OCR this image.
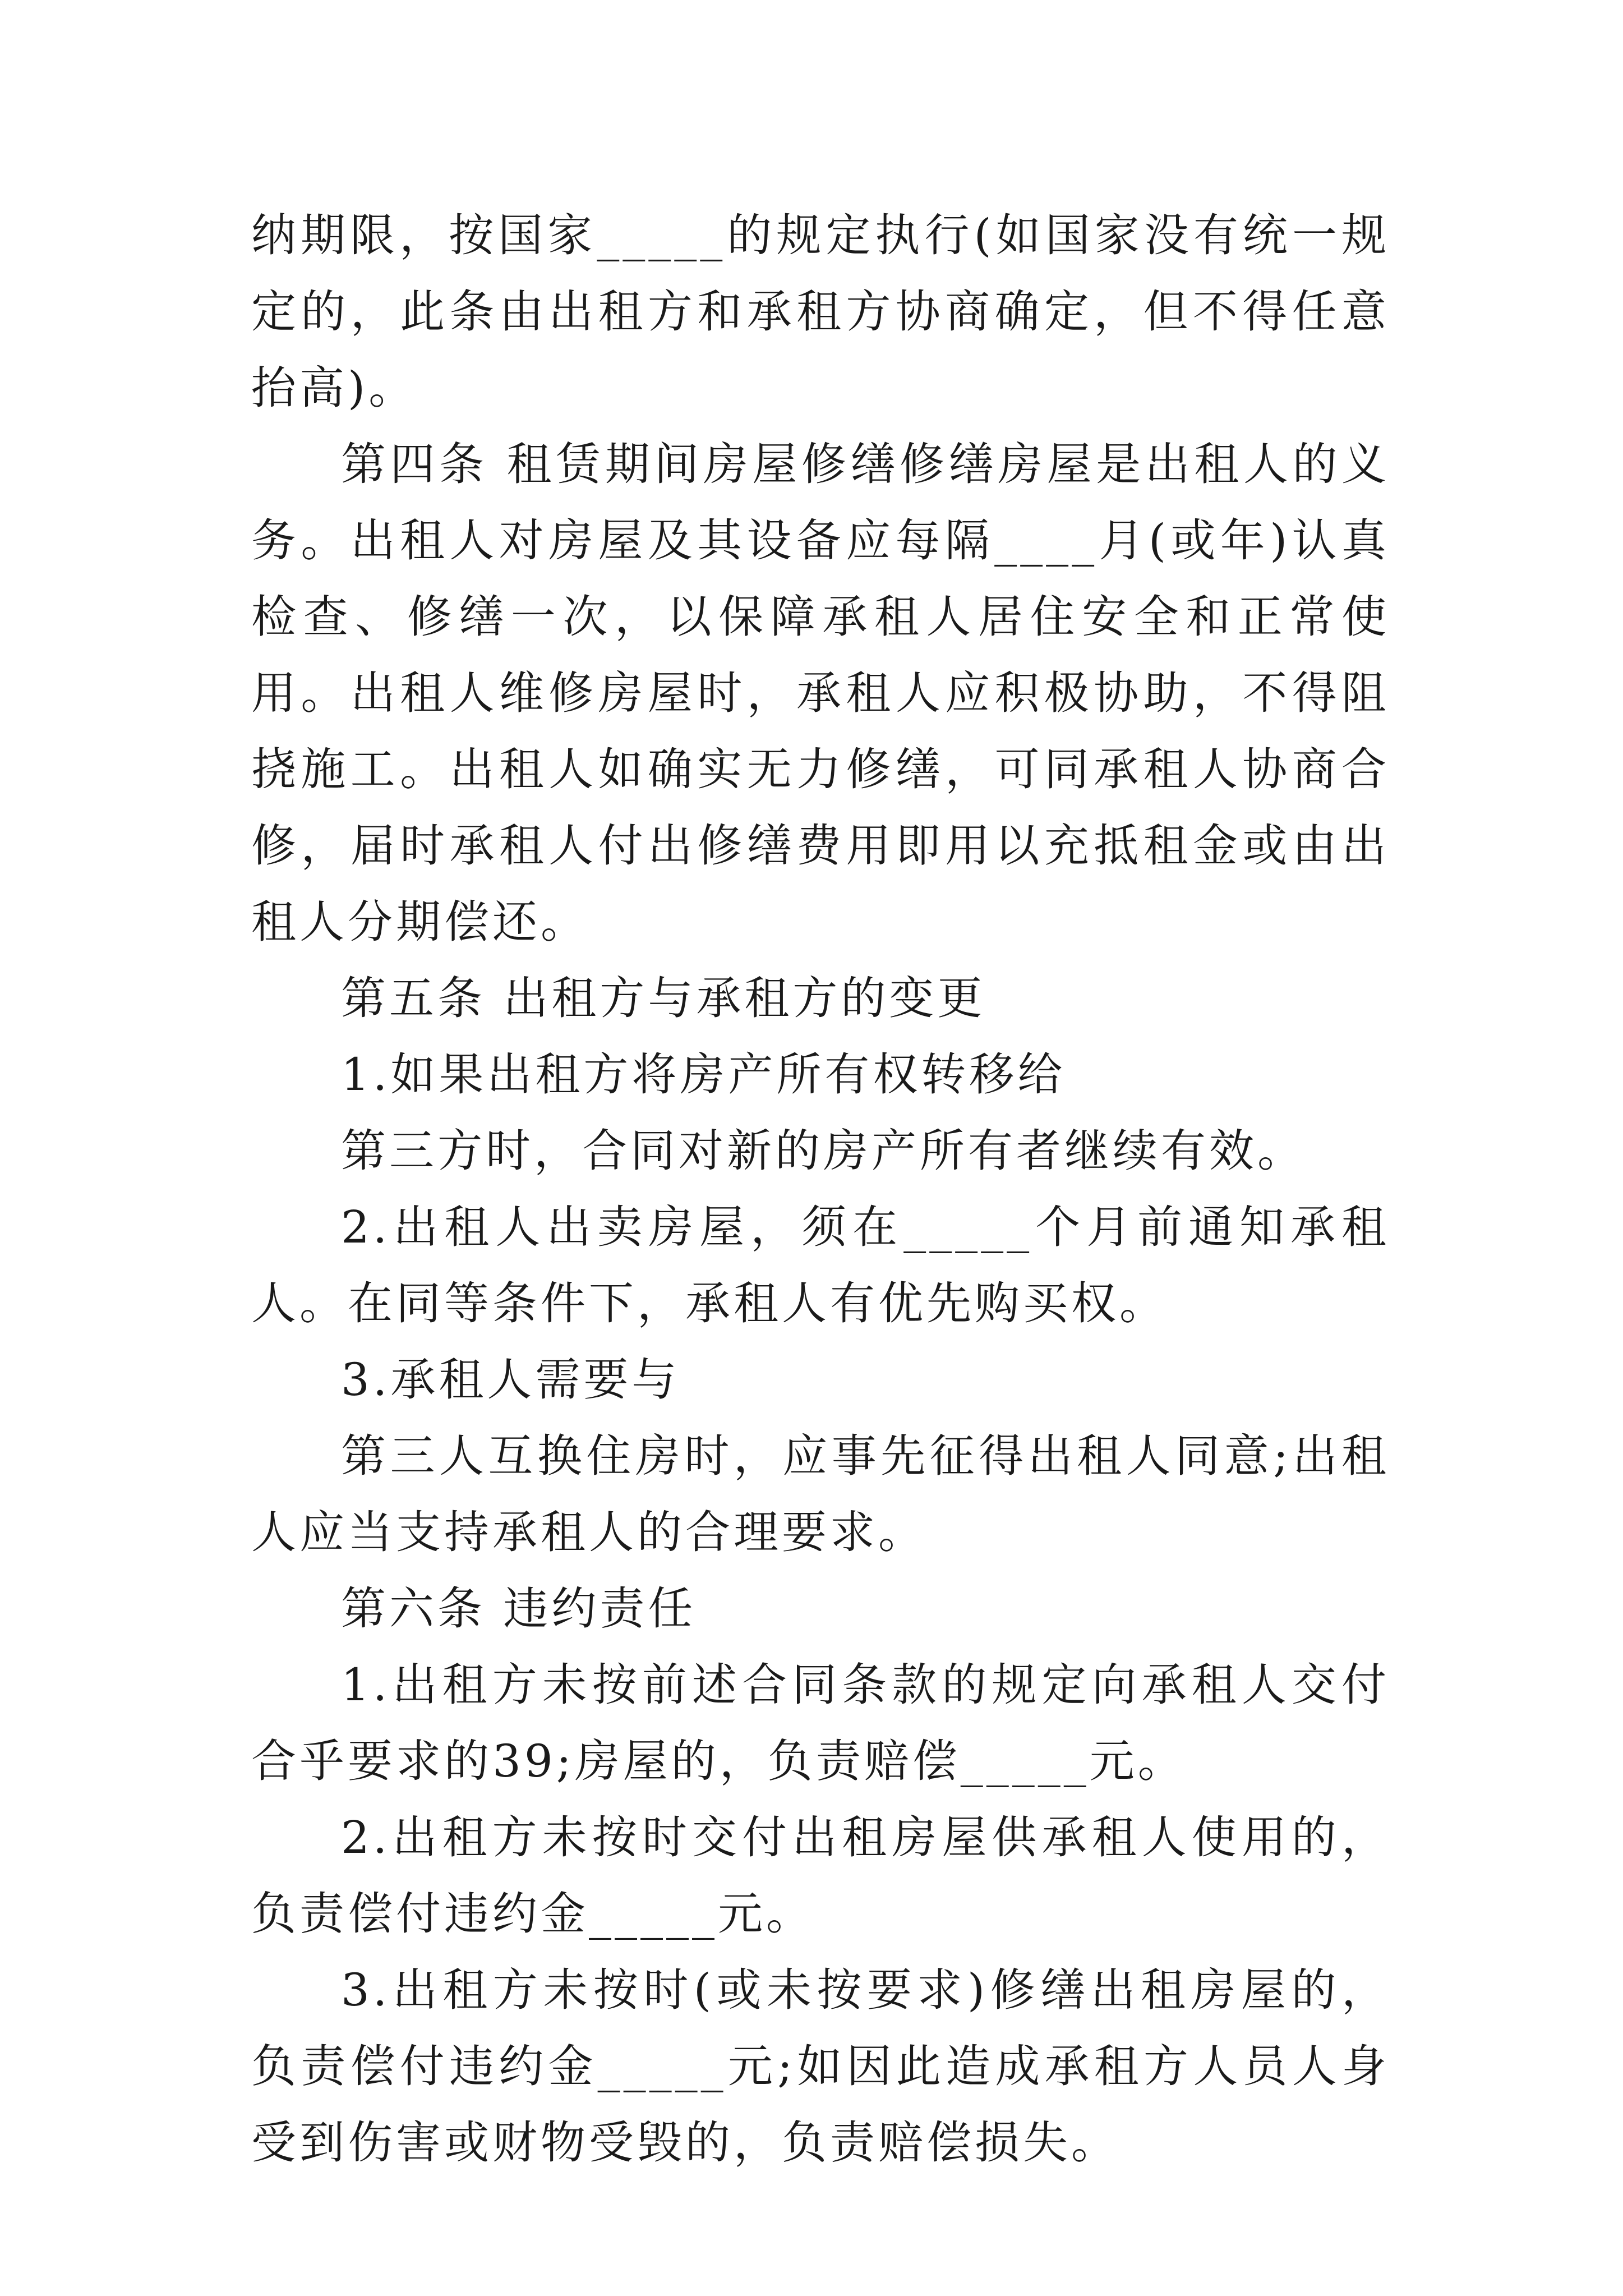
纳期限，按国家_____的规定执行(如国家没有统一规定的，此条由出租方和承租方协商确定，但不得任意抬高)。

第四条 租赁期间房屋修缮修缮房屋是出租人的义务。出租人对房屋及其设备应每隔____月(或年)认真检查、修缮一次，以保障承租人居住安全和正常使用。出租人维修房屋时，承租人应积极协助，不得阻挠施工。出租人如确实无力修缮，可同承租人协商合修，届时承租人付出修缮费用即用以充抵租金或由出租人分期偿还。

第五条 出租方与承租方的变更

1.如果出租方将房产所有权转移给

第三方时，合同对新的房产所有者继续有效。

2.出租人出卖房屋，须在_____个月前通知承租人。在同等条件下，承租人有优先购买权。

3.承租人需要与

第三人互换住房时，应事先征得出租人同意;出租人应当支持承租人的合理要求。

第六条 违约责任

1.出租方未按前述合同条款的规定向承租人交付合乎要求的39;房屋的，负责赔偿_____元。

2.出租方未按时交付出租房屋供承租人使用的，负责偿付违约金_____元。

3.出租方未按时(或未按要求)修缮出租房屋的，负责偿付违约金_____元;如因此造成承租方人员人身受到伤害或财物受毁的，负责赔偿损失。
